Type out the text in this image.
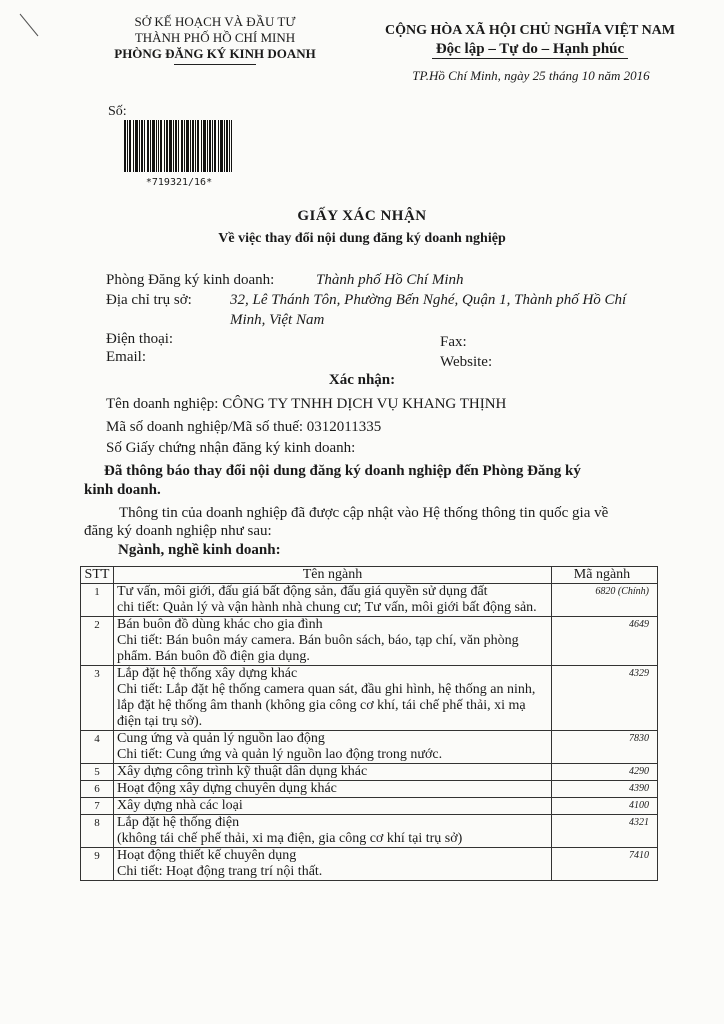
SỞ KẾ HOẠCH VÀ ĐẦU TƯ
THÀNH PHỐ HỒ CHÍ MINH
PHÒNG ĐĂNG KÝ KINH DOANH
CỘNG HÒA XÃ HỘI CHỦ NGHĨA VIỆT NAM
Độc lập – Tự do – Hạnh phúc
TP.Hồ Chí Minh, ngày 25 tháng 10 năm 2016
Số:
*719321/16*
GIẤY XÁC NHẬN
Về việc thay đổi nội dung đăng ký doanh nghiệp
Phòng Đăng ký kinh doanh:	Thành phố Hồ Chí Minh
Địa chỉ trụ sở:	32, Lê Thánh Tôn, Phường Bến Nghé, Quận 1, Thành phố Hồ Chí
Minh, Việt Nam
Điện thoại:	Fax:
Email:	Website:
Xác nhận:
Tên doanh nghiệp: CÔNG TY TNHH DỊCH VỤ KHANG THỊNH
Mã số doanh nghiệp/Mã số thuế: 0312011335
Số Giấy chứng nhận đăng ký kinh doanh:
Đã thông báo thay đổi nội dung đăng ký doanh nghiệp đến Phòng Đăng ký
kinh doanh.
Thông tin của doanh nghiệp đã được cập nhật vào Hệ thống thông tin quốc gia về
đăng ký doanh nghiệp như sau:
Ngành, nghề kinh doanh:
STT	Tên ngành	Mã ngành
1	Tư vấn, môi giới, đấu giá bất động sản, đấu giá quyền sử dụng đất
chi tiết: Quản lý và vận hành nhà chung cư; Tư vấn, môi giới bất động sản.	6820 (Chính)
2	Bán buôn đồ dùng khác cho gia đình
Chi tiết: Bán buôn máy camera. Bán buôn sách, báo, tạp chí, văn phòng phẩm. Bán buôn đồ điện gia dụng.	4649
3	Lắp đặt hệ thống xây dựng khác
Chi tiết: Lắp đặt hệ thống camera quan sát, đầu ghi hình, hệ thống an ninh, lắp đặt hệ thống âm thanh (không gia công cơ khí, tái chế phế thải, xi mạ điện tại trụ sở).	4329
4	Cung ứng và quản lý nguồn lao động
Chi tiết: Cung ứng và quản lý nguồn lao động trong nước.	7830
5	Xây dựng công trình kỹ thuật dân dụng khác	4290
6	Hoạt động xây dựng chuyên dụng khác	4390
7	Xây dựng nhà các loại	4100
8	Lắp đặt hệ thống điện
(không tái chế phế thải, xi mạ điện, gia công cơ khí tại trụ sở)	4321
9	Hoạt động thiết kế chuyên dụng
Chi tiết: Hoạt động trang trí nội thất.	7410
